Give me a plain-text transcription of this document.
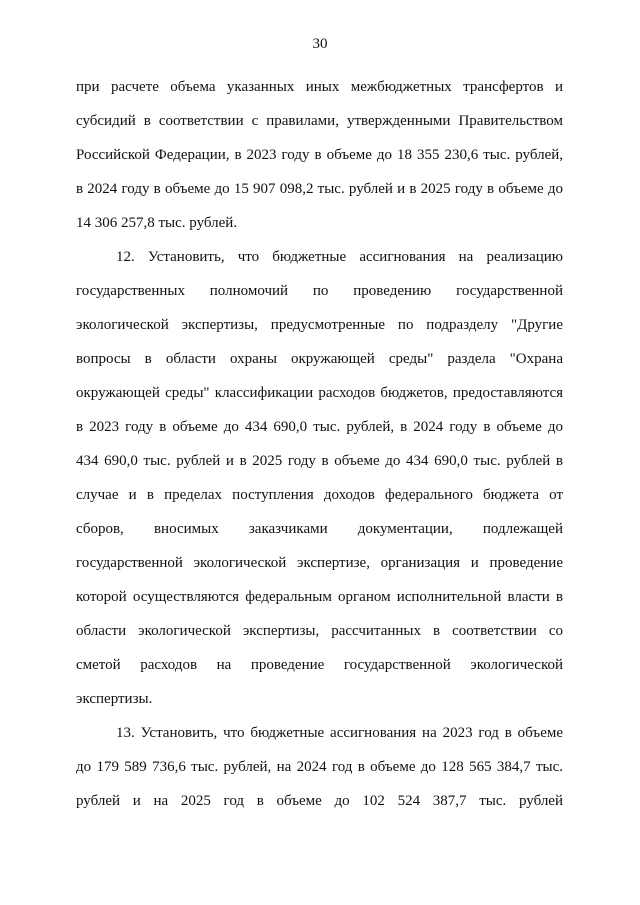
30
при расчете объема указанных иных межбюджетных трансфертов и
субсидий в соответствии с правилами, утвержденными Правительством
Российской Федерации, в 2023 году в объеме до 18 355 230,6 тыс. рублей,
в 2024 году в объеме до 15 907 098,2 тыс. рублей и в 2025 году в объеме до
14 306 257,8 тыс. рублей.
12. Установить, что бюджетные ассигнования на реализацию
государственных полномочий по проведению государственной
экологической экспертизы, предусмотренные по подразделу "Другие
вопросы в области охраны окружающей среды" раздела "Охрана
окружающей среды" классификации расходов бюджетов, предоставляются
в 2023 году в объеме до 434 690,0 тыс. рублей, в 2024 году в объеме до
434 690,0 тыс. рублей и в 2025 году в объеме до 434 690,0 тыс. рублей в
случае и в пределах поступления доходов федерального бюджета от
сборов, вносимых заказчиками документации, подлежащей
государственной экологической экспертизе, организация и проведение
которой осуществляются федеральным органом исполнительной власти в
области экологической экспертизы, рассчитанных в соответствии со
сметой расходов на проведение государственной экологической
экспертизы.
13. Установить, что бюджетные ассигнования на 2023 год в объеме
до 179 589 736,6 тыс. рублей, на 2024 год в объеме до 128 565 384,7 тыс.
рублей и на 2025 год в объеме до 102 524 387,7 тыс. рублей
